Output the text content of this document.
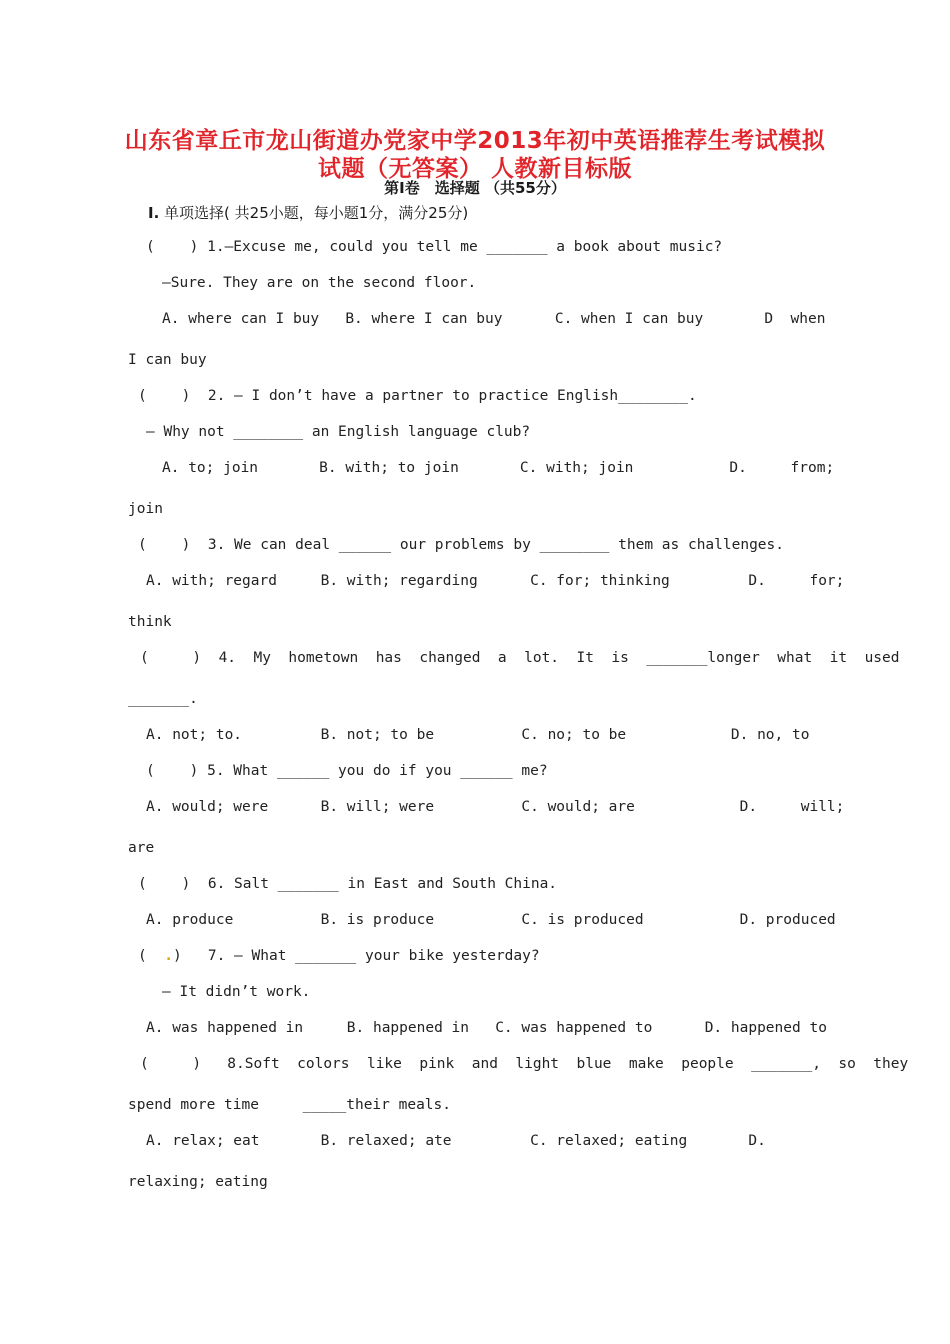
山东省章丘市龙山街道办党家中学2013年初中英语推荐生考试模拟
试题（无答案） 人教新目标版
第Ⅰ卷　选择题 （共55分）
Ⅰ. 单项选择( 共25小题，每小题1分，满分25分)
(    ) 1.—Excuse me, could you tell me _______ a book about music?
—Sure. They are on the second floor.
A. where can I buy   B. where I can buy      C. when I can buy       D  when
I can buy
(    )  2. — I don’t have a partner to practice English________.
— Why not ________ an English language club?
A. to; join       B. with; to join       C. with; join           D.     from;
join
(    )  3. We can deal ______ our problems by ________ them as challenges.
A. with; regard     B. with; regarding      C. for; thinking         D.     for;
think
(     )  4.  My  hometown  has  changed  a  lot.  It  is  _______longer  what  it  used
_______.
A. not; to.         B. not; to be          C. no; to be            D. no, to
(    ) 5. What ______ you do if you ______ me?
A. would; were      B. will; were          C. would; are            D.     will;
are
(    )  6. Salt _______ in East and South China.
A. produce          B. is produce          C. is produced           D. produced
A. was happened in     B. happened in   C. was happened to      D. happened to
(     )   8.Soft  colors  like  pink  and  light  blue  make  people  _______,  so  they
spend more time     _____their meals.
A. relax; eat       B. relaxed; ate         C. relaxed; eating       D.
relaxing; eating
(  .)   7. — What _______ your bike yesterday?
— It didn’t work.
